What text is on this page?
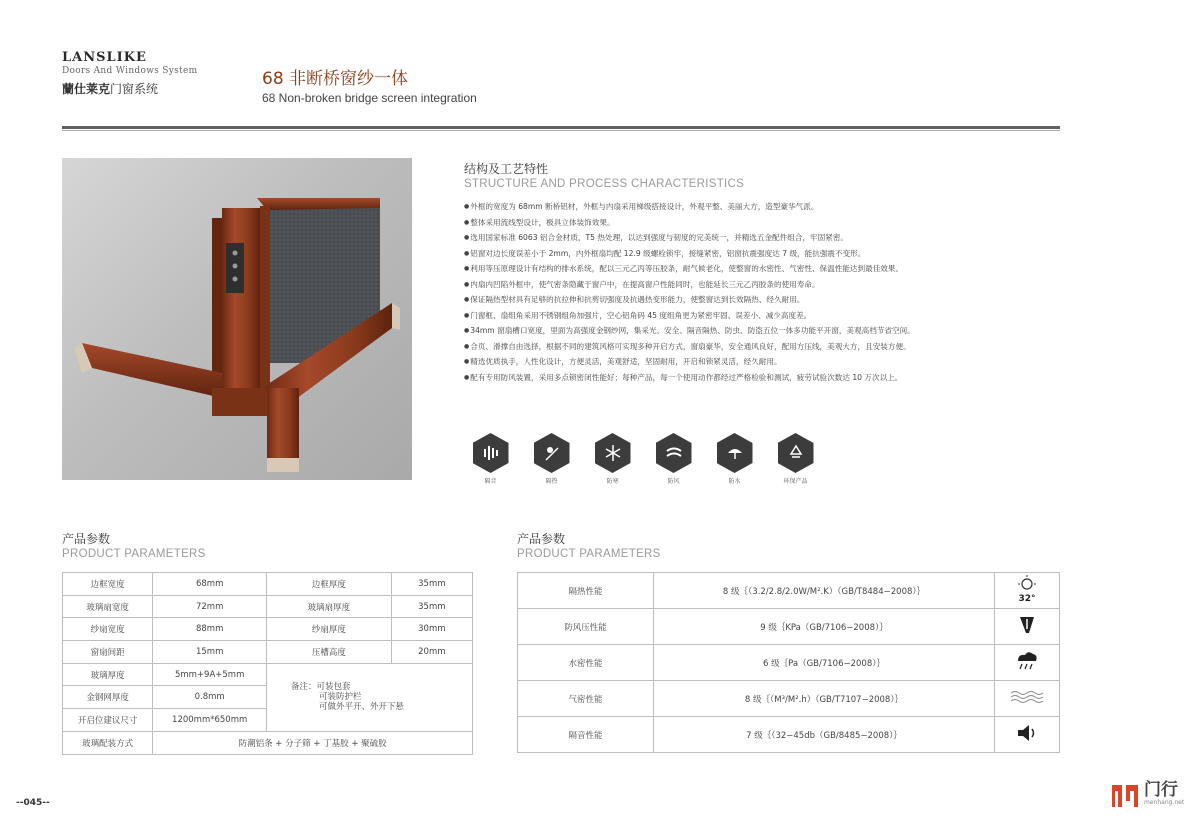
LANSLIKE
Doors And Windows System
蘭仕莱克门窗系统	68 非断桥窗纱一体
68 Non-broken bridge screen integration
结构及工艺特性
STRUCTURE AND PROCESS CHARACTERISTICS
● 外框的宽度为 68mm 断桥铝材，外框与内扇采用梯级搭接设计，外观平整、美丽大方，造型豪华气派。
● 整体采用流线型设计，极具立体装饰效果。
● 选用国家标准 6063 铝合金材质，T5 热处理，以达到强度与韧度的完美统一，并精选五金配件组合，牢固紧密。
● 铝窗对边长度误差小于 2mm，内外框扇均配 12.9 级螺栓锁牢，接缝紧密，铝窗抗震强度达 7 级，能抗强震不变形。
● 利用等压原理设计有结构的排水系统，配以三元乙丙等压胶条，耐气候老化，使整窗的水密性、气密性、保温性能达到最佳效果。
● 内扇内凹陷外框中，使气密条隐藏于窗户中，在提高窗户性能同时，也能延长三元乙丙胶条的使用寿命。
● 保证隔热型材具有足够的抗拉伸和抗剪切强度及抗遇热变形能力，使整窗达到长效隔热、经久耐用。
● 门窗框、扇组角采用不锈钢组角加强片，空心铝角码 45 度组角更为紧密牢固、误差小、减少高度差。
● 34mm 窗扇槽口宽度，里面为高强度金钢纱网，集采光、安全、隔音隔热、防虫、防盗五位一体多功能平开窗，美观高档节省空间。
● 合页、滑撑自由选择，根据不同的建筑风格可实现多种开启方式，窗扇豪华，安全通风良好，配用方压线，美观大方，且安装方便。
● 精选优质执手，人性化设计，方便灵活，美观舒适，坚固耐用，开启和锁紧灵活，经久耐用。
● 配有专用防风装置，采用多点锁密闭性能好；每种产品，每一个使用动作都经过严格检验和测试，疲劳试验次数达 10 万次以上。
隔音	隔热	防寒	防风	防水	环保产品
产品参数
PRODUCT PARAMETERS
边框宽度	68mm	边框厚度	35mm
玻璃扇宽度	72mm	玻璃扇厚度	35mm
纱扇宽度	88mm	纱扇厚度	30mm
窗扇间距	15mm	压槽高度	20mm
玻璃厚度	5mm+9A+5mm	备注：可装包套
可装防护栏
可做外平开、外开下悬	

金钢网厚度	0.8mm		
开启位建议尺寸	1200mm*650mm		
玻璃配装方式	防潮铝条 + 分子筛 + 丁基胶 + 聚硫胶		
产品参数
PRODUCT PARAMETERS
隔热性能	8 级｛（3.2/2.8/2.0W/M².K）（GB/T8484−2008）｝	32°

防风压性能	9 级｛KPa（GB/7106−2008）｝	
水密性能	6 级｛Pa（GB/7106−2008）｝	
气密性能	8 级｛（M³/M².h）（GB/T7107−2008）｝	
隔音性能	7 级｛（32−45db（GB/8485−2008）｝	
--045--
门行
menhang.net
